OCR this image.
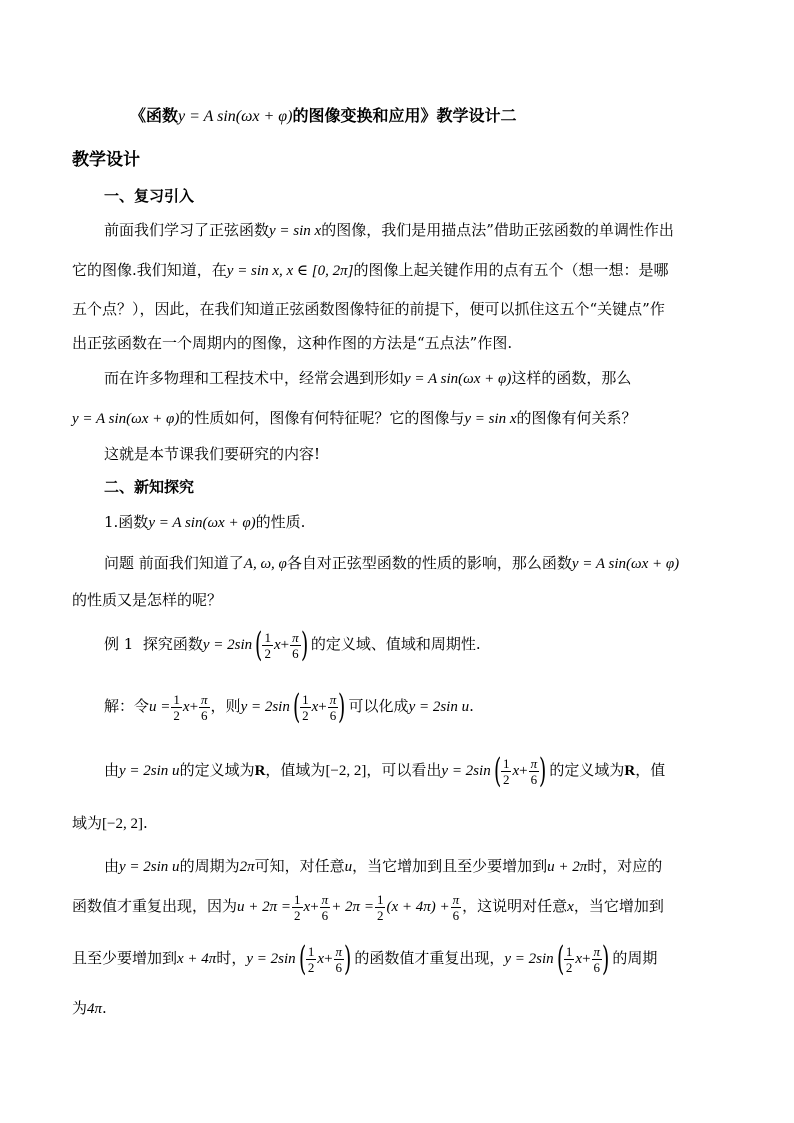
《函数y = A sin(ωx + φ)的图像变换和应用》教学设计二
教学设计
一、复习引入
前面我们学习了正弦函数y = sin x的图像，我们是用描点法”借助正弦函数的单调性作出
它的图像.我们知道，在y = sin x, x ∈ [0, 2π]的图像上起关键作用的点有五个（想一想：是哪
五个点？），因此，在我们知道正弦函数图像特征的前提下，便可以抓住这五个“关键点”作
出正弦函数在一个周期内的图像，这种作图的方法是“五点法”作图.
而在许多物理和工程技术中，经常会遇到形如y = A sin(ωx + φ)这样的函数，那么
y = A sin(ωx + φ)的性质如何，图像有何特征呢？它的图像与y = sin x的图像有何关系？
这就是本节课我们要研究的内容!
二、新知探究
1.函数y = A sin(ωx + φ)的性质.
问题 前面我们知道了A, ω, φ各自对正弦型函数的性质的影响，那么函数y = A sin(ωx + φ)
的性质又是怎样的呢？
例 1 探究函数$y = 2\sin( \frac{1}{2} x+ \frac{\pi}{6}$ ) 的定义域、值域和周期性.
解：令$u = \frac{1}{2} x+ \frac{\pi}{6}$ ，则$y = 2\sin( \frac{1}{2} x+ \frac{\pi}{6}$ ) 可以化成y = 2sin u.
由y = 2sin u的定义域为R，值域为[−2, 2]，可以看出$y = 2\sin( \frac{1}{2} x+ \frac{\pi}{6}$ ) 的定义域为R，值
域为[−2, 2].
由y = 2sin u的周期为2π可知，对任意u，当它增加到且至少要增加到u + 2π时，对应的
函数值才重复出现，因为$u + 2\pi = \frac{1}{2} x+ \frac{\pi}{6} + 2\pi = \frac{1}{2} (x + 4\pi) + \frac{\pi}{6}$ ，这说明对任意x，当它增加到
且至少要增加到x + 4π时，$y = 2\sin( \frac{1}{2} x+ \frac{\pi}{6}$ ) 的函数值才重复出现，$y = 2\sin( \frac{1}{2} x+ \frac{\pi}{6}$ ) 的周期
为4π.
